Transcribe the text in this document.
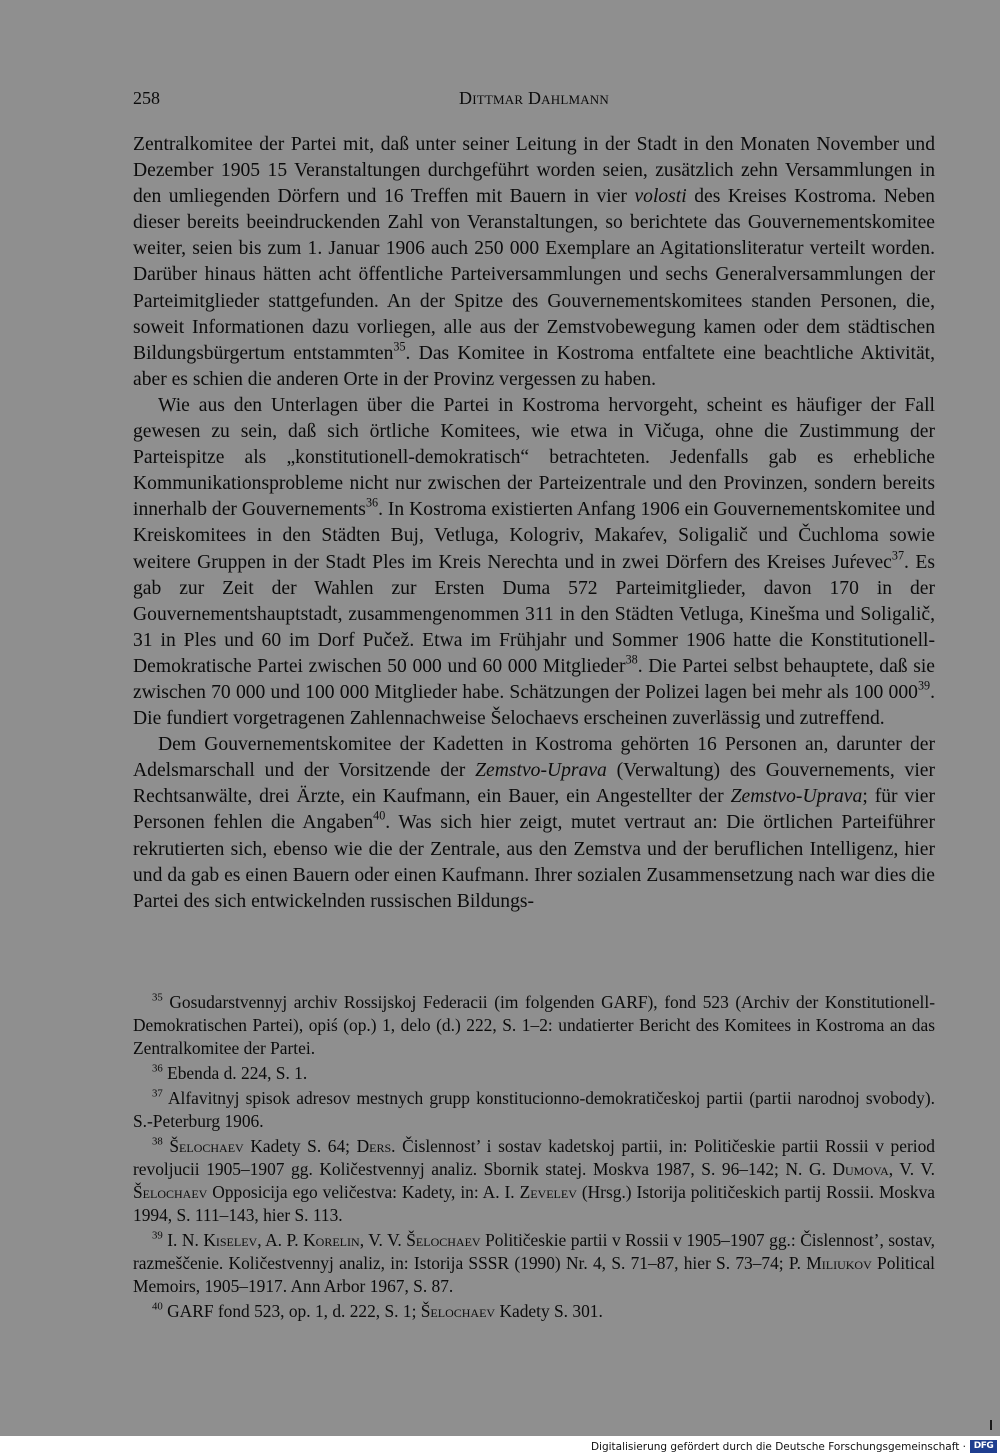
258	Dittmar Dahlmann

Zentralkomitee der Partei mit, daß unter seiner Leitung in der Stadt in den Monaten November und Dezember 1905 15 Veranstaltungen durchgeführt worden seien, zusätzlich zehn Versammlungen in den umliegenden Dörfern und 16 Treffen mit Bauern in vier volosti des Kreises Kostroma. Neben dieser bereits beeindruckenden Zahl von Veranstaltungen, so berichtete das Gouvernementskomitee weiter, seien bis zum 1. Januar 1906 auch 250 000 Exemplare an Agitationsliteratur verteilt worden. Darüber hinaus hätten acht öffentliche Parteiversammlungen und sechs Generalversammlungen der Parteimitglieder stattgefunden. An der Spitze des Gouvernementskomitees standen Personen, die, soweit Informationen dazu vorliegen, alle aus der Zemstvobewegung kamen oder dem städtischen Bildungsbürgertum entstammten$^{35}$. Das Komitee in Kostroma entfaltete eine beachtliche Aktivität, aber es schien die anderen Orte in der Provinz vergessen zu haben.

Wie aus den Unterlagen über die Partei in Kostroma hervorgeht, scheint es häufiger der Fall gewesen zu sein, daß sich örtliche Komitees, wie etwa in Vičuga, ohne die Zustimmung der Parteispitze als „konstitutionell-demokratisch“ betrachteten. Jedenfalls gab es erhebliche Kommunikationsprobleme nicht nur zwischen der Parteizentrale und den Provinzen, sondern bereits innerhalb der Gouvernements$^{36}$. In Kostroma existierten Anfang 1906 ein Gouvernementskomitee und Kreiskomitees in den Städten Buj, Vetluga, Kologriv, Makaŕev, Soligalič und Čuchloma sowie weitere Gruppen in der Stadt Ples im Kreis Nerechta und in zwei Dörfern des Kreises Juŕevec$^{37}$. Es gab zur Zeit der Wahlen zur Ersten Duma 572 Parteimitglieder, davon 170 in der Gouvernementshauptstadt, zusammengenommen 311 in den Städten Vetluga, Kinešma und Soligalič, 31 in Ples und 60 im Dorf Pučež. Etwa im Frühjahr und Sommer 1906 hatte die Konstitutionell-Demokratische Partei zwischen 50 000 und 60 000 Mitglieder$^{38}$. Die Partei selbst behauptete, daß sie zwischen 70 000 und 100 000 Mitglieder habe. Schätzungen der Polizei lagen bei mehr als 100 $000^{39}$. Die fundiert vorgetragenen Zahlennachweise Šelochaevs erscheinen zuverlässig und zutreffend.

Dem Gouvernementskomitee der Kadetten in Kostroma gehörten 16 Personen an, darunter der Adelsmarschall und der Vorsitzende der Zemstvo-Uprava (Verwaltung) des Gouvernements, vier Rechtsanwälte, drei Ärzte, ein Kaufmann, ein Bauer, ein Angestellter der Zemstvo-Uprava; für vier Personen fehlen die Angaben$^{40}$. Was sich hier zeigt, mutet vertraut an: Die örtlichen Parteiführer rekrutierten sich, ebenso wie die der Zentrale, aus den Zemstva und der beruflichen Intelligenz, hier und da gab es einen Bauern oder einen Kaufmann. Ihrer sozialen Zusammensetzung nach war dies die Partei des sich entwickelnden russischen Bildungs-

$^{35}$ Gosudarstvennyj archiv Rossijskoj Federacii (im folgenden GARF), fond 523 (Archiv der Konstitutionell-Demokratischen Partei), opiś (op.) 1, delo (d.) 222, S. 1–2: undatierter Bericht des Komitees in Kostroma an das Zentralkomitee der Partei.

$^{36}$ Ebenda d. 224, S. 1.

$^{37}$ Alfavitnyj spisok adresov mestnych grupp konstitucionno-demokratičeskoj partii (partii narodnoj svobody). S.-Peterburg 1906.

$^{38}$ Šelochaev Kadety S. 64; Ders. Čislennost’ i sostav kadetskoj partii, in: Političeskie partii Rossii v period revoljucii 1905–1907 gg. Količestvennyj analiz. Sbornik statej. Moskva 1987, S. 96–142; N. G. Dumova, V. V. Šelochaev Opposicija ego veličestva: Kadety, in: A. I. Zevelev (Hrsg.) Istorija političeskich partij Rossii. Moskva 1994, S. 111–143, hier S. 113.

$^{39}$ I. N. Kiselev, A. P. Korelin, V. V. Šelochaev Političeskie partii v Rossii v 1905–1907 gg.: Čislennost’, sostav, razmeščenie. Količestvennyj analiz, in: Istorija SSSR (1990) Nr. 4, S. 71–87, hier S. 73–74; P. Miliukov Political Memoirs, 1905–1917. Ann Arbor 1967, S. 87.

$^{40}$ GARF fond 523, op. 1, d. 222, S. 1; Šelochaev Kadety S. 301.

Digitalisierung gefördert durch die Deutsche Forschungsgemeinschaft · DFG
